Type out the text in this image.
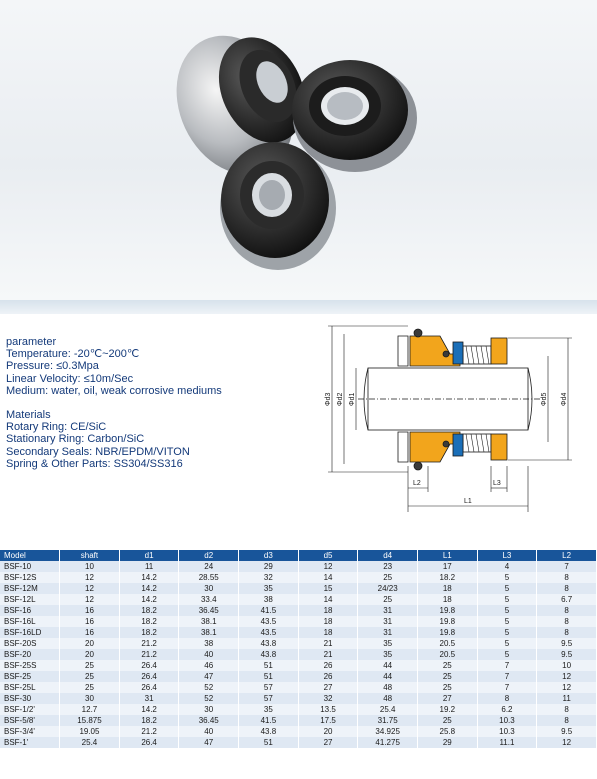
parameter
Temperature: -20℃~200℃
Pressure: ≤0.3Mpa
Linear Velocity: ≤10m/Sec
Medium: water, oil, weak corrosive mediums
Materials
Rotary Ring: CE/SiC
Stationary Ring: Carbon/SiC
Secondary Seals: NBR/EPDM/VITON
Spring & Other Parts: SS304/SS316
Φd3 Φd2 Φd1	Φd5 Φd4
L2	L3
L1
Model	shaft	d1	d2	d3	d5	d4	L1	L3	L2
BSF-10	10	11	24	29	12	23	17	4	7
BSF-12S	12	14.2	28.55	32	14	25	18.2	5	8
BSF-12M	12	14.2	30	35	15	24/23	18	5	8
BSF-12L	12	14.2	33.4	38	14	25	18	5	6.7
BSF-16	16	18.2	36.45	41.5	18	31	19.8	5	8
BSF-16L	16	18.2	38.1	43.5	18	31	19.8	5	8
BSF-16LD	16	18.2	38.1	43.5	18	31	19.8	5	8
BSF-20S	20	21.2	38	43.8	21	35	20.5	5	9.5
BSF-20	20	21.2	40	43.8	21	35	20.5	5	9.5
BSF-25S	25	26.4	46	51	26	44	25	7	10
BSF-25	25	26.4	47	51	26	44	25	7	12
BSF-25L	25	26.4	52	57	27	48	25	7	12
BSF-30	30	31	52	57	32	48	27	8	11
BSF-1/2'	12.7	14.2	30	35	13.5	25.4	19.2	6.2	8
BSF-5/8'	15.875	18.2	36.45	41.5	17.5	31.75	25	10.3	8
BSF-3/4'	19.05	21.2	40	43.8	20	34.925	25.8	10.3	9.5
BSF-1'	25.4	26.4	47	51	27	41.275	29	11.1	12
